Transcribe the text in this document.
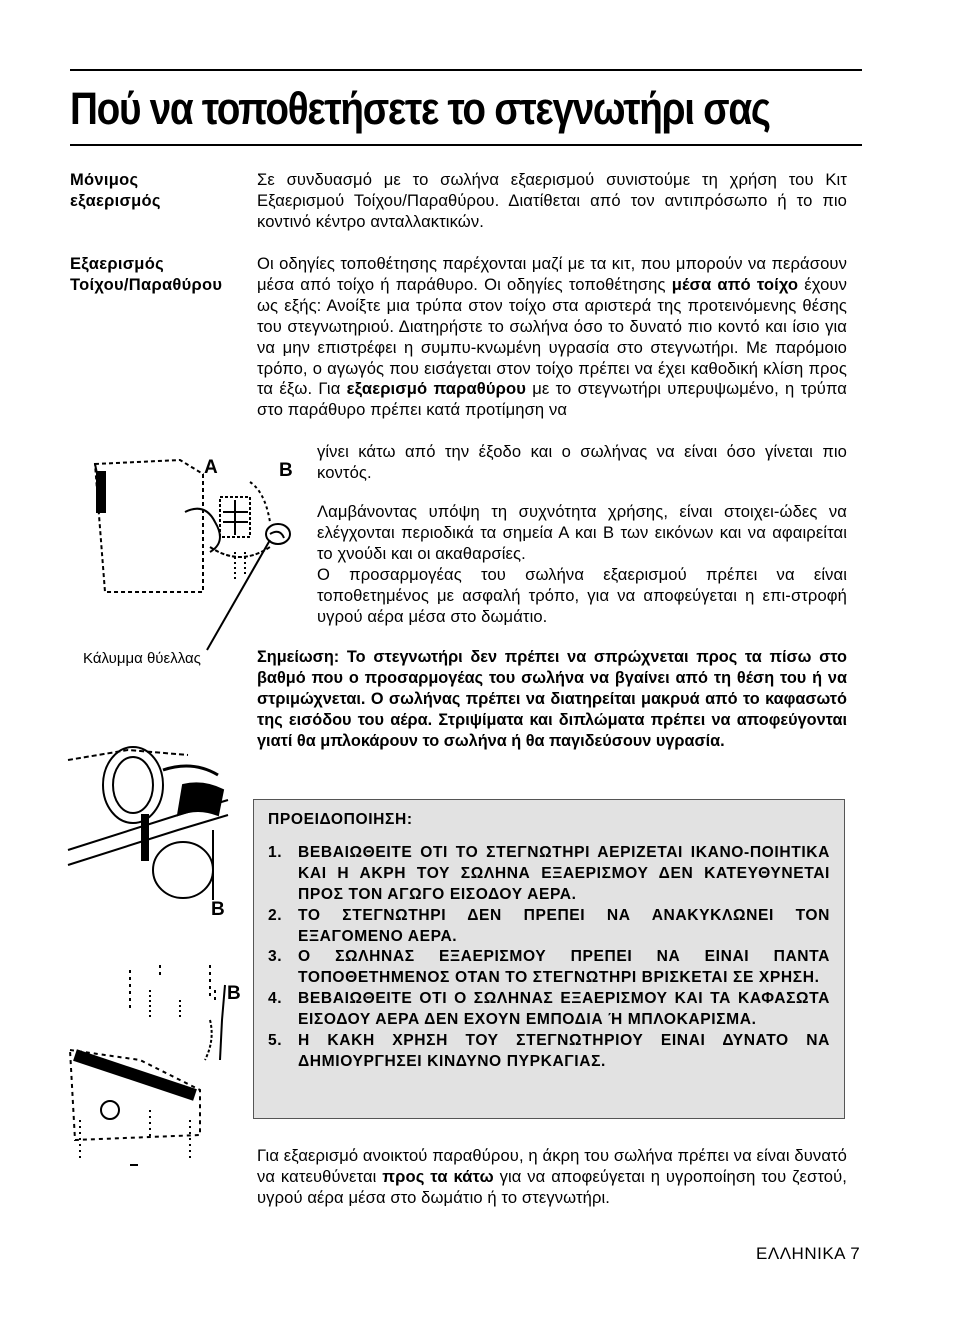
Πού να τοποθετήσετε το στεγνωτήρι σας
Μόνιμος
εξαερισμός

Σε συνδυασμό με το σωλήνα εξαερισμού συνιστούμε τη χρήση του Κιτ Εξαερισμού Τοίχου/Παραθύρου. Διατίθεται από τον αντιπρόσωπο ή το πιο κοντινό κέντρο ανταλλακτικών.

Εξαερισμός
Τοίχου/Παραθύρου

Οι οδηγίες τοποθέτησης παρέχονται μαζί με τα κιτ, που μπορούν να περάσουν μέσα από τοίχο ή παράθυρο. Οι οδηγίες τοποθέτησης μέσα από τοίχο έχουν ως εξής: Ανοίξτε μια τρύπα στον τοίχο στα αριστερά της προτεινόμενης θέσης του στεγνωτηριού. Διατηρήστε το σωλήνα όσο το δυνατό πιο κοντό και ίσιο για να μην επιστρέφει η συμπυ-κνωμένη υγρασία στο στεγνωτήρι. Με παρόμοιο τρόπο, ο αγωγός που εισάγεται στον τοίχο πρέπει να έχει καθοδική κλίση προς τα έξω. Για εξαερισμό παραθύρου με το στεγνωτήρι υπερυψωμένο, η τρύπα στο παράθυρο πρέπει κατά προτίμηση να

γίνει κάτω από την έξοδο και ο σωλήνας να είναι όσο γίνεται πιο κοντός.

Λαμβάνοντας υπόψη τη συχνότητα χρήσης, είναι στοιχει-ώδες να ελέγχονται περιοδικά τα σημεία Α και Β των εικόνων και να αφαιρείται το χνούδι και οι ακαθαρσίες.

Ο προσαρμογέας του σωλήνα εξαερισμού πρέπει να είναι τοποθετημένος με ασφαλή τρόπο, για να αποφεύγεται η επι-στροφή υγρού αέρα μέσα στο δωμάτιο.

A	B
Κάλυμμα θύελλας
B
B
Σημείωση: Το στεγνωτήρι δεν πρέπει να σπρώχνεται προς τα πίσω στο βαθμό που ο προσαρμογέας του σωλήνα να βγαίνει από τη θέση του ή να στριμώχνεται. Ο σωλήνας πρέπει να διατηρείται μακρυά από το καφασωτό της εισόδου του αέρα. Στριψίματα και διπλώματα πρέπει να αποφεύγονται γιατί θα μπλοκάρουν το σωλήνα ή θα παγιδεύσουν υγρασία.
ΠΡΟΕΙΔΟΠΟΙΗΣΗ:
1. ΒΕΒΑΙΩΘΕΙΤΕ ΟΤΙ ΤΟ ΣΤΕΓΝΩΤΗΡΙ ΑΕΡΙΖΕΤΑΙ ΙΚΑΝΟ-ΠΟΙΗΤΙΚΑ ΚΑΙ Η ΑΚΡΗ ΤΟΥ ΣΩΛΗΝΑ ΕΞΑΕΡΙΣΜΟΥ ΔΕΝ ΚΑΤΕΥΘΥΝΕΤΑΙ ΠΡΟΣ ΤΟΝ ΑΓΩΓΟ ΕΙΣΟΔΟΥ ΑΕΡΑ.
2. ΤΟ ΣΤΕΓΝΩΤΗΡΙ ΔΕΝ ΠΡΕΠΕΙ ΝΑ ΑΝΑΚΥΚΛΩΝΕΙ ΤΟΝ ΕΞΑΓΟΜΕΝΟ ΑΕΡΑ.
3. Ο ΣΩΛΗΝΑΣ ΕΞΑΕΡΙΣΜΟΥ ΠΡΕΠΕΙ ΝΑ ΕΙΝΑΙ ΠΑΝΤΑ ΤΟΠΟΘΕΤΗΜΕΝΟΣ ΟΤΑΝ ΤΟ ΣΤΕΓΝΩΤΗΡΙ ΒΡΙΣΚΕΤΑΙ ΣΕ ΧΡΗΣΗ.
4. ΒΕΒΑΙΩΘΕΙΤΕ ΟΤΙ Ο ΣΩΛΗΝΑΣ ΕΞΑΕΡΙΣΜΟΥ ΚΑΙ ΤΑ ΚΑΦΑΣΩΤΑ ΕΙΣΟΔΟΥ ΑΕΡΑ ΔΕΝ ΕΧΟΥΝ ΕΜΠΟΔΙΑ Ή ΜΠΛΟΚΑΡΙΣΜΑ.
5. Η ΚΑΚΗ ΧΡΗΣΗ ΤΟΥ ΣΤΕΓΝΩΤΗΡΙΟΥ ΕΙΝΑΙ ΔΥΝΑΤΟ ΝΑ ΔΗΜΙΟΥΡΓΗΣΕΙ ΚΙΝΔΥΝΟ ΠΥΡΚΑΓΙΑΣ.

Για εξαερισμό ανοικτού παραθύρου, η άκρη του σωλήνα πρέπει να είναι δυνατό να κατευθύνεται προς τα κάτω για να αποφεύγεται η υγροποίηση του ζεστού, υγρού αέρα μέσα στο δωμάτιο ή το στεγνωτήρι.

ΕΛΛΗΝΙΚΑ 7
